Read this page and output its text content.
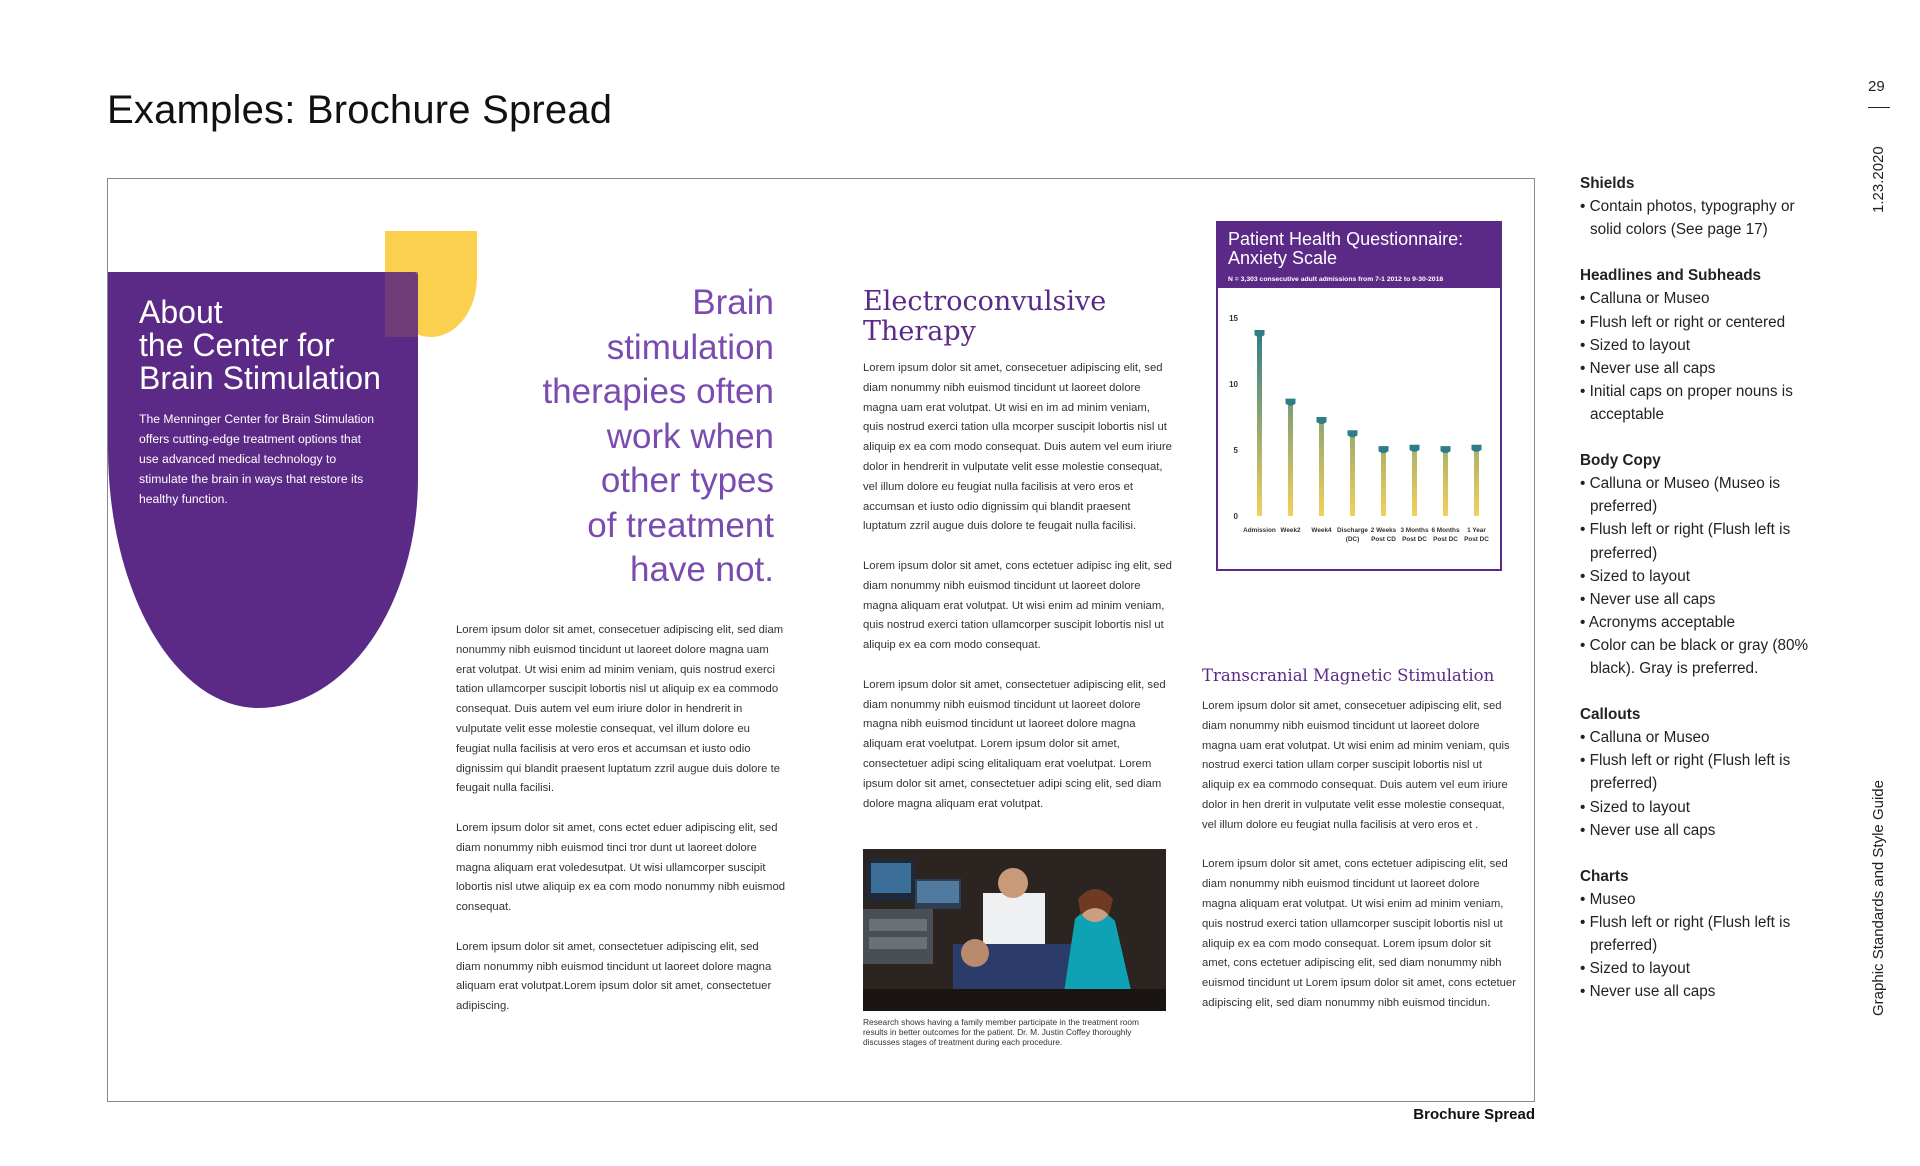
Examples: Brochure Spread
29
1.23.2020
Graphic Standards and Style Guide
About
the Center for
Brain Stimulation
The Menninger Center for Brain Stimulation offers cutting-edge treatment options that use advanced medical technology to stimulate the brain in ways that restore its healthy function.
Brain
stimulation
therapies often
work when
other types
of treatment
have not.

Lorem ipsum dolor sit amet, consecetuer adipiscing elit, sed diam nonummy nibh euismod tincidunt ut laoreet dolore magna uam erat volutpat. Ut wisi enim ad minim veniam, quis nostrud exerci tation ullamcorper suscipit lobortis nisl ut aliquip ex ea commodo consequat. Duis autem vel eum iriure dolor in hendrerit in vulputate velit esse molestie consequat, vel illum dolore eu feugiat nulla facilisis at vero eros et accumsan et iusto odio dignissim qui blandit praesent luptatum zzril augue duis dolore te feugait nulla facilisi.

Lorem ipsum dolor sit amet, cons ectet eduer adipiscing elit, sed diam nonummy nibh euismod tinci tror dunt ut laoreet dolore magna aliquam erat voledesutpat. Ut wisi ullamcorper suscipit lobortis nisl utwe aliquip ex ea com modo nonummy nibh euismod consequat.

Lorem ipsum dolor sit amet, consectetuer adipiscing elit, sed diam nonummy nibh euismod tincidunt ut laoreet dolore magna aliquam erat volutpat.Lorem ipsum dolor sit amet, consectetuer adipiscing.

Electroconvulsive
Therapy

Lorem ipsum dolor sit amet, consecetuer adipiscing elit, sed diam nonummy nibh euismod tincidunt ut laoreet dolore magna uam erat volutpat. Ut wisi en im ad minim veniam, quis nostrud exerci tation ulla mcorper suscipit lobortis nisl ut aliquip ex ea com modo consequat. Duis autem vel eum iriure dolor in hendrerit in vulputate velit esse molestie consequat, vel illum dolore eu feugiat nulla facilisis at vero eros et accumsan et iusto odio dignissim qui blandit praesent luptatum zzril augue duis dolore te feugait nulla facilisi.

Lorem ipsum dolor sit amet, cons ectetuer adipisc ing elit, sed diam nonummy nibh euismod tincidunt ut laoreet dolore magna aliquam erat volutpat. Ut wisi enim ad minim veniam, quis nostrud exerci tation ullamcorper suscipit lobortis nisl ut aliquip ex ea com modo consequat.

Lorem ipsum dolor sit amet, consectetuer adipiscing elit, sed diam nonummy nibh euismod tincidunt ut laoreet dolore magna nibh euismod tincidunt ut laoreet dolore magna aliquam erat voelutpat. Lorem ipsum dolor sit amet, consectetuer adipi scing elitaliquam erat voelutpat. Lorem ipsum dolor sit amet, consectetuer adipi scing elit, sed diam dolore magna aliquam erat volutpat.

Research shows having a family member participate in the treatment room results in better outcomes for the patient. Dr. M. Justin Coffey thoroughly discusses stages of treatment during each procedure.
Patient Health Questionnaire: Anxiety Scale
N = 3,303 consecutive adult admissions from 7-1 2012 to 9-30-2018
0
5
10
15
Admission Week2 Week4 Discharge
(DC)
2 Weeks
Post CD
3 Months
Post DC
6 Months
Post DC
1 Year
Post DC
Transcranial Magnetic Stimulation

Lorem ipsum dolor sit amet, consecetuer adipiscing elit, sed diam nonummy nibh euismod tincidunt ut laoreet dolore magna uam erat volutpat. Ut wisi enim ad minim veniam, quis nostrud exerci tation ullam corper suscipit lobortis nisl ut aliquip ex ea commodo consequat. Duis autem vel eum iriure dolor in hen drerit in vulputate velit esse molestie consequat, vel illum dolore eu feugiat nulla facilisis at vero eros et .

Lorem ipsum dolor sit amet, cons ectetuer adipiscing elit, sed diam nonummy nibh euismod tincidunt ut laoreet dolore magna aliquam erat volutpat. Ut wisi enim ad minim veniam, quis nostrud exerci tation ullamcorper suscipit lobortis nisl ut aliquip ex ea com modo consequat. Lorem ipsum dolor sit amet, cons ectetuer adipiscing elit, sed diam nonummy nibh euismod tincidunt ut Lorem ipsum dolor sit amet, cons ectetuer adipiscing elit, sed diam nonummy nibh euismod tincidun.

Brochure Spread
Shields
• Contain photos, typography or solid colors (See page 17)
Headlines and Subheads
• Calluna or Museo
• Flush left or right or centered
• Sized to layout
• Never use all caps
• Initial caps on proper nouns is acceptable
Body Copy
• Calluna or Museo (Museo is preferred)
• Flush left or right (Flush left is preferred)
• Sized to layout
• Never use all caps
• Acronyms acceptable
• Color can be black or gray (80% black). Gray is preferred.
Callouts
• Calluna or Museo
• Flush left or right (Flush left is preferred)
• Sized to layout
• Never use all caps
Charts
• Museo
• Flush left or right (Flush left is preferred)
• Sized to layout
• Never use all caps
